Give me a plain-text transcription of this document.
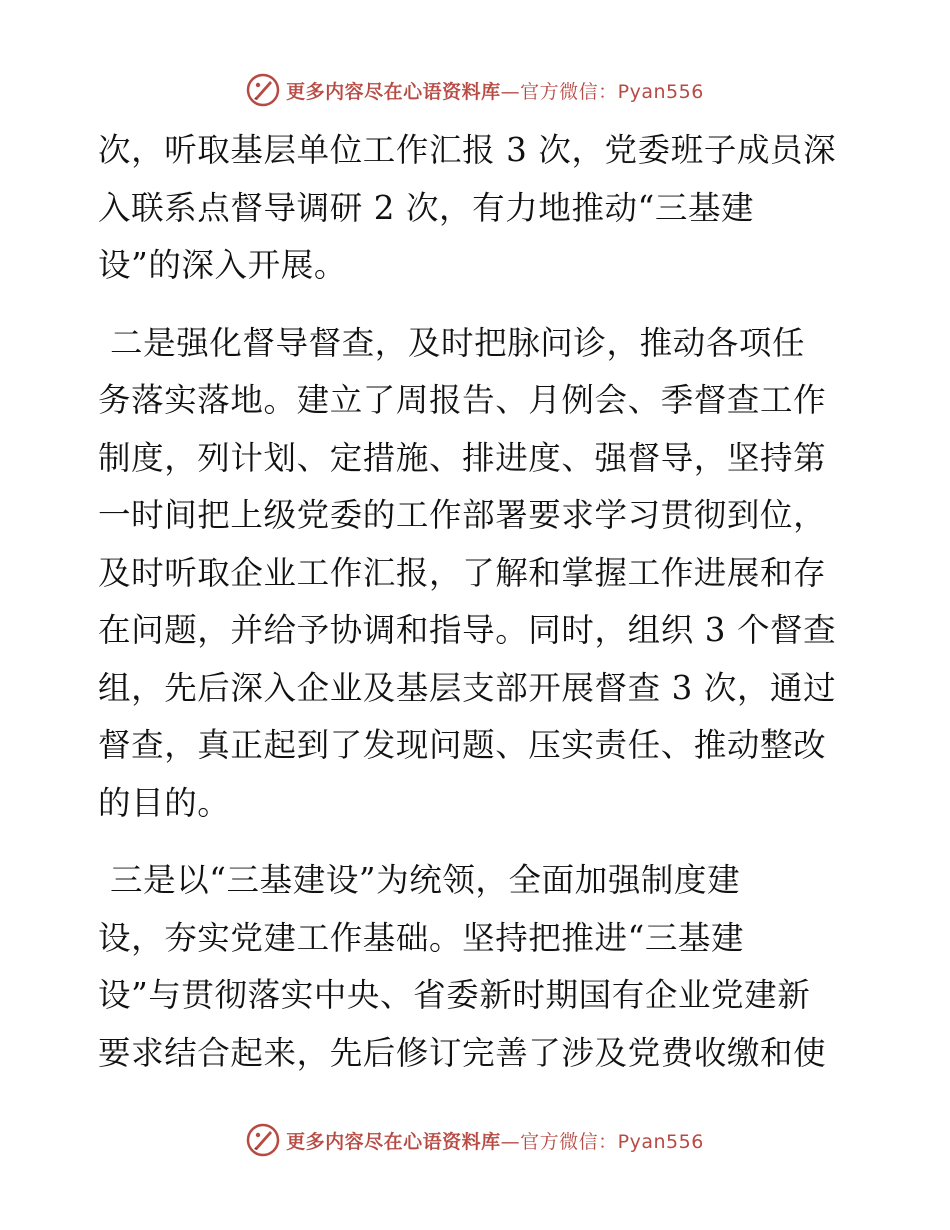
更多内容尽在心语资料库—官方微信：Pyan556
次，听取基层单位工作汇报 3 次，党委班子成员深
入联系点督导调研 2 次，有力地推动“三基建
设”的深入开展。
二是强化督导督查，及时把脉问诊，推动各项任
务落实落地。建立了周报告、月例会、季督查工作
制度，列计划、定措施、排进度、强督导，坚持第
一时间把上级党委的工作部署要求学习贯彻到位，
及时听取企业工作汇报，了解和掌握工作进展和存
在问题，并给予协调和指导。同时，组织 3 个督查
组，先后深入企业及基层支部开展督查 3 次，通过
督查，真正起到了发现问题、压实责任、推动整改
的目的。
三是以“三基建设”为统领，全面加强制度建
设，夯实党建工作基础。坚持把推进“三基建
设”与贯彻落实中央、省委新时期国有企业党建新
要求结合起来，先后修订完善了涉及党费收缴和使
更多内容尽在心语资料库—官方微信：Pyan556
